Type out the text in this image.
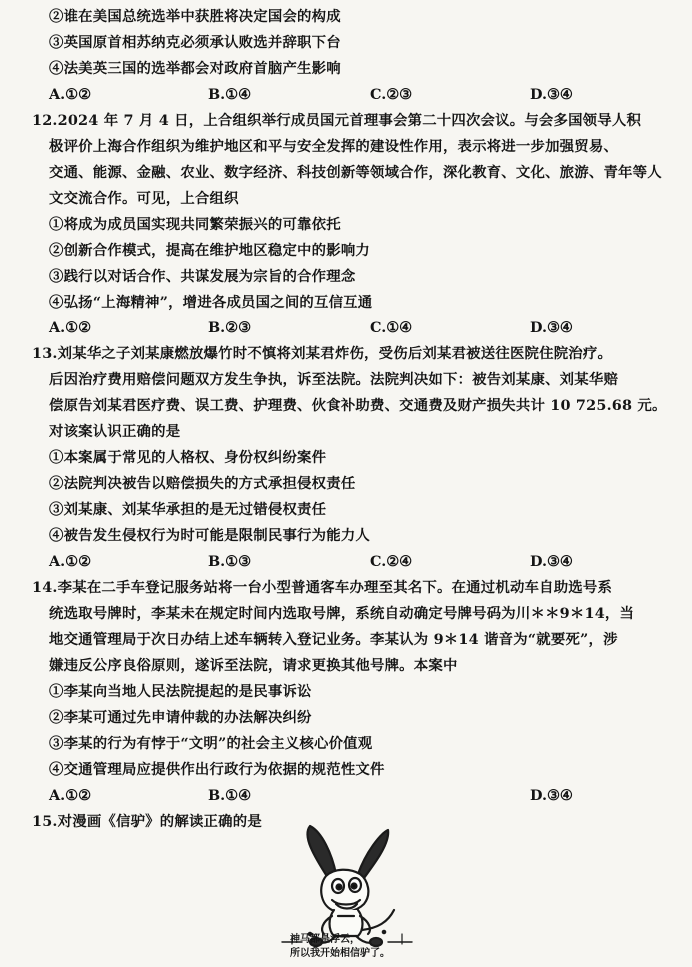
②谁在美国总统选举中获胜将决定国会的构成
③英国原首相苏纳克必须承认败选并辞职下台
④法美英三国的选举都会对政府首脑产生影响
A.①②	B.①④	C.②③	D.③④
12.2024 年 7 月 4 日，上合组织举行成员国元首理事会第二十四次会议。与会多国领导人积
极评价上海合作组织为维护地区和平与安全发挥的建设性作用，表示将进一步加强贸易、
交通、能源、金融、农业、数字经济、科技创新等领域合作，深化教育、文化、旅游、青年等人
文交流合作。可见，上合组织
①将成为成员国实现共同繁荣振兴的可靠依托
②创新合作模式，提高在维护地区稳定中的影响力
③践行以对话合作、共谋发展为宗旨的合作理念
④弘扬“上海精神”，增进各成员国之间的互信互通
A.①②	B.②③	C.①④	D.③④
13.刘某华之子刘某康燃放爆竹时不慎将刘某君炸伤，受伤后刘某君被送往医院住院治疗。
后因治疗费用赔偿问题双方发生争执，诉至法院。法院判决如下：被告刘某康、刘某华赔
偿原告刘某君医疗费、误工费、护理费、伙食补助费、交通费及财产损失共计 10 725.68 元。
对该案认识正确的是
①本案属于常见的人格权、身份权纠纷案件
②法院判决被告以赔偿损失的方式承担侵权责任
③刘某康、刘某华承担的是无过错侵权责任
④被告发生侵权行为时可能是限制民事行为能力人
A.①②	B.①③	C.②④	D.③④
14.李某在二手车登记服务站将一台小型普通客车办理至其名下。在通过机动车自助选号系
统选取号牌时，李某未在规定时间内选取号牌，系统自动确定号牌号码为川＊＊9＊14，当
地交通管理局于次日办结上述车辆转入登记业务。李某认为 9＊14 谐音为“就要死”，涉
嫌违反公序良俗原则，遂诉至法院，请求更换其他号牌。本案中
①李某向当地人民法院提起的是民事诉讼
②李某可通过先申请仲裁的办法解决纠纷
③李某的行为有悖于“文明”的社会主义核心价值观
④交通管理局应提供作出行政行为依据的规范性文件
A.①②	B.①④	D.③④
15.对漫画《信驴》的解读正确的是
神马都是浮云，
所以我开始相信驴了。
